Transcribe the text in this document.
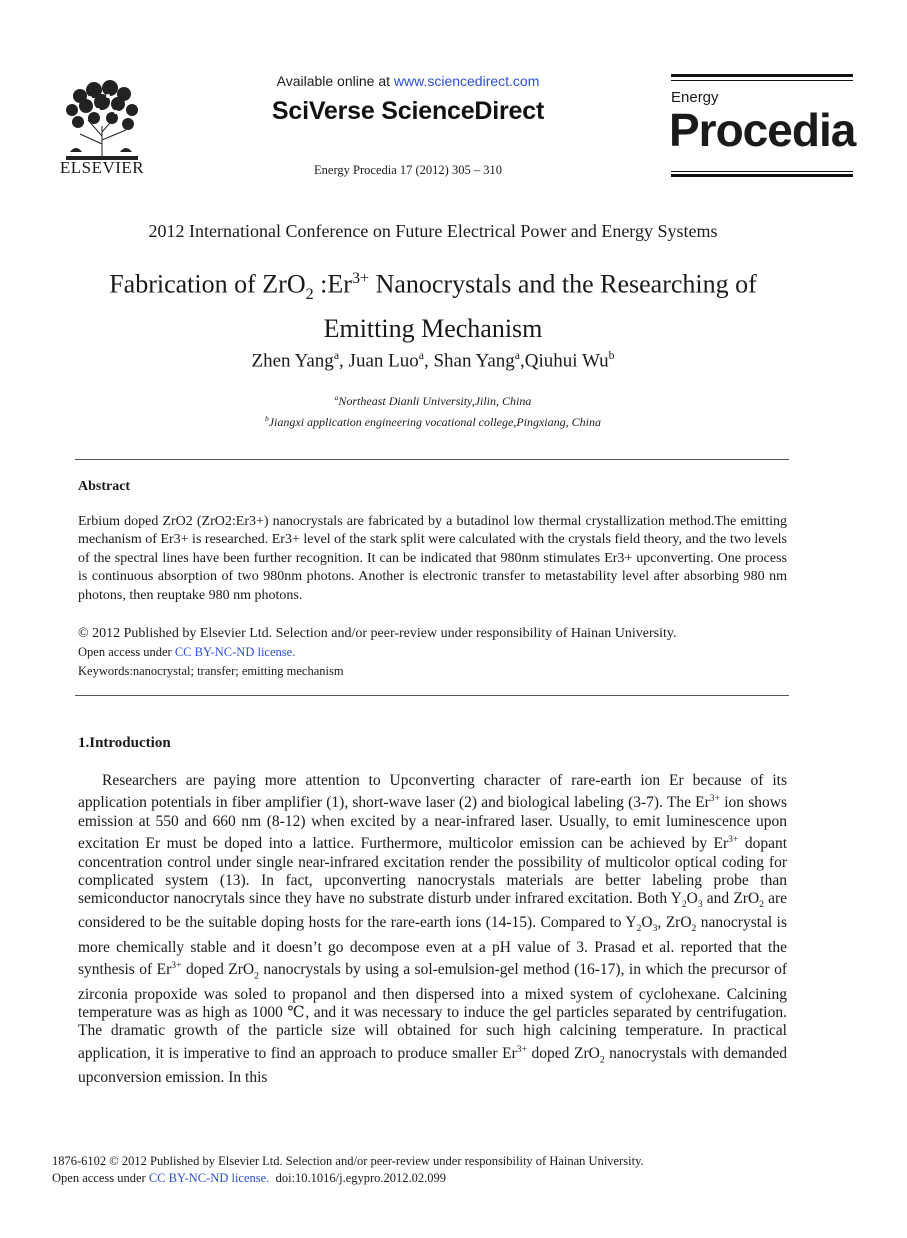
ELSEVIER
Available online at www.sciencedirect.com
SciVerse ScienceDirect
Energy Procedia 17 (2012) 305 – 310
Energy
Procedia
2012 International Conference on Future Electrical Power and Energy Systems
Fabrication of ZrO$_2$ $:Er^{3+}$ Nanocrystals and the Researching of
Emitting Mechanism
Zhen Yang$^a$, Juan Luo$^a$, Shan Yang$^a$,Qiuhui Wu$^b$
$^a$Northeast Dianli University,Jilin, China
$^b$Jiangxi application engineering vocational college,Pingxiang, China
Abstract
Erbium doped ZrO2 (ZrO2:Er3+) nanocrystals are fabricated by a butadinol low thermal crystallization method.The emitting mechanism of Er3+ is researched. Er3+ level of the stark split were calculated with the crystals field theory, and the two levels of the spectral lines have been further recognition. It can be indicated that 980nm stimulates Er3+ upconverting. One process is continuous absorption of two 980nm photons. Another is electronic transfer to metastability level after absorbing 980 nm photons, then reuptake 980 nm photons.
© 2012 Published by Elsevier Ltd. Selection and/or peer-review under responsibility of Hainan University.
Open access under CC BY-NC-ND license.
Keywords:nanocrystal; transfer; emitting mechanism
1.Introduction

Researchers are paying more attention to Upconverting character of rare-earth ion Er because of its application potentials in fiber amplifier (1), short-wave laser (2) and biological labeling (3-7). The $Er^{3+}$ ion shows emission at 550 and 660 nm (8-12) when excited by a near-infrared laser. Usually, to emit luminescence upon excitation Er must be doped into a lattice. Furthermore, multicolor emission can be achieved by $Er^{3+}$ dopant concentration control under single near-infrared excitation render the possibility of multicolor optical coding for complicated system (13). In fact, upconverting nanocrystals materials are better labeling probe than semiconductor nanocrytals since they have no substrate disturb under infrared excitation. Both $Y_2O_3$ and ZrO$_2$ are considered to be the suitable doping hosts for the rare-earth ions (14-15). Compared to $Y_2O_3$, ZrO$_2$ nanocrystal is more chemically stable and it doesn’t go decompose even at a pH value of 3. Prasad et al. reported that the synthesis of $Er^{3+}$ doped ZrO$_2$ nanocrystals by using a sol-emulsion-gel method (16-17), in which the precursor of zirconia propoxide was soled to propanol and then dispersed into a mixed system of cyclohexane. Calcining temperature was as high as 1000 ℃, and it was necessary to induce the gel particles separated by centrifugation. The dramatic growth of the particle size will obtained for such high calcining temperature. In practical application, it is imperative to find an approach to produce smaller $Er^{3+}$ doped ZrO$_2$ nanocrystals with demanded upconversion emission. In this

1876-6102 © 2012 Published by Elsevier Ltd. Selection and/or peer-review under responsibility of Hainan University.
Open access under CC BY-NC-ND license. doi:10.1016/j.egypro.2012.02.099
